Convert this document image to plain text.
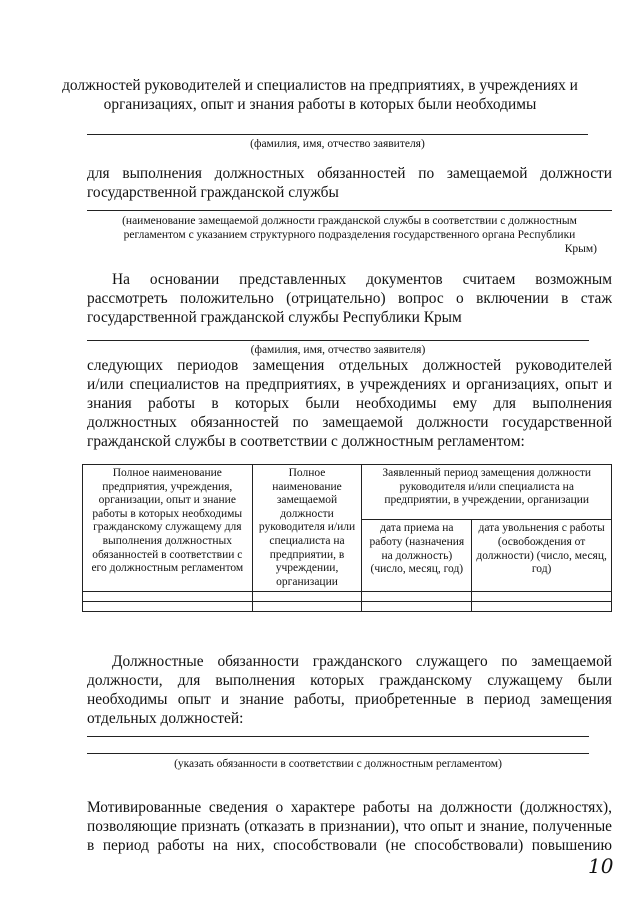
должностей руководителей и специалистов на предприятиях, в учреждениях и
организациях, опыт и знания работы в которых были необходимы
(фамилия, имя, отчество заявителя)
для выполнения должностных обязанностей по замещаемой должности
государственной гражданской службы
(наименование замещаемой должности гражданской службы в соответствии с должностным
регламентом с указанием структурного подразделения государственного органа Республики
Крым)
На основании представленных документов считаем возможным
рассмотреть положительно (отрицательно) вопрос о включении в стаж
государственной гражданской службы Республики Крым
(фамилия, имя, отчество заявителя)
следующих периодов замещения отдельных должностей руководителей
и/или специалистов на предприятиях, в учреждениях и организациях, опыт и
знания работы в которых были необходимы ему для выполнения
должностных обязанностей по замещаемой должности государственной
гражданской службы в соответствии с должностным регламентом:
Полное наименование предприятия, учреждения, организации, опыт и знание работы в которых необходимы гражданскому служащему для выполнения должностных обязанностей в соответствии с его должностным регламентом	Полное наименование замещаемой должности руководителя и/или специалиста на предприятии, в учреждении, организации	Заявленный период замещения должности руководителя и/или специалиста на предприятии, в учреждении, организации	
		дата приема на работу (назначения на должность) (число, месяц, год)	дата увольнения с работы (освобождения от должности) (число, месяц, год)

Должностные обязанности гражданского служащего по замещаемой
должности, для выполнения которых гражданскому служащему были
необходимы опыт и знание работы, приобретенные в период замещения
отдельных должностей:
(указать обязанности в соответствии с должностным регламентом)
Мотивированные сведения о характере работы на должности (должностях),
позволяющие признать (отказать в признании), что опыт и знание, полученные
в период работы на них, способствовали (не способствовали) повышению
10
